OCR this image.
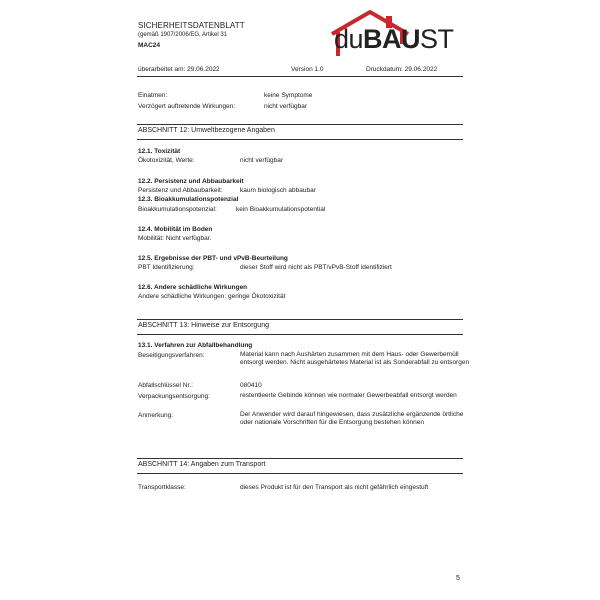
SICHERHEITSDATENBLATT
(gemäß 1907/2006/EG, Artikel 31
MAC24	duBAUST
überarbeitet am: 29.06.2022	Version 1.0	Druckdatum: 29.06.2022
Einatmen:	keine Symptome
Verzögert auftretende Wirkungen:	nicht verfügbar
ABSCHNITT 12: Umweltbezogene Angaben
12.1. Toxizität
Ökotoxizität, Werte:	nicht verfügbar
12.2. Persistenz und Abbaubarkeit
Persistenz und Abbaubarkeit:	kaum biologisch abbaubar
12.3. Bioakkumulationspotenzial
Bioakkumulationspotenzial:	kein Bioakkumulationspotential
12.4. Mobilität im Boden
Mobilität: Nicht verfügbar.
12.5. Ergebnisse der PBT- und vPvB-Beurteilung
PBT Identifizierung:	dieser Stoff wird nicht als PBT/vPvB-Stoff identifiziert
12.6. Andere schädliche Wirkungen
Andere schädliche Wirkungen: geringe Ökotoxizität
ABSCHNITT 13: Hinweise zur Entsorgung
13.1. Verfahren zur Abfallbehandlung
Beseitigungsverfahren:	Material kann nach Aushärten zusammen mit dem Haus- oder Gewerbemüll entsorgt werden. Nicht ausgehärtetes Material ist als Sonderabfall zu entsorgen
Abfallschlüssel Nr.:	080410
Verpackungsentsorgung:	restentleerte Gebinde können wie normaler Gewerbeabfall entsorgt werden
Anmerkung:	Der Anwender wird darauf hingewiesen, dass zusätzliche ergänzende örtliche oder nationale Vorschriften für die Entsorgung bestehen können
ABSCHNITT 14: Angaben zum Transport
Transportklasse:	dieses Produkt ist für den Transport als nicht gefährlich eingestuft
5
